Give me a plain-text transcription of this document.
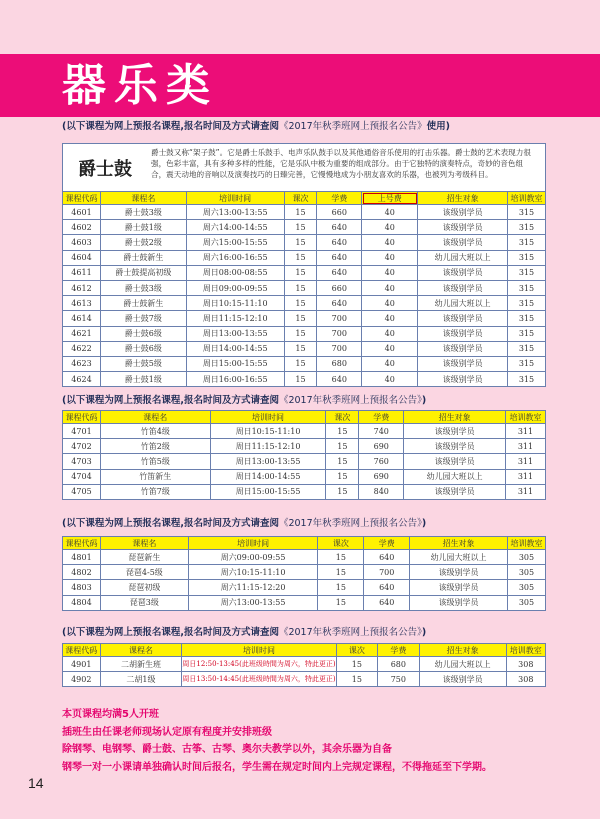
器乐类
(以下课程为网上预报名课程,报名时间及方式请查阅《2017年秋季班网上预报名公告》使用)
爵士鼓
爵士鼓又称“架子鼓”。它是爵士乐鼓手、电声乐队鼓手以及其他通俗音乐使用的打击乐器。爵士鼓的艺术表现力很强，色彩丰富，具有多种多样的性能，它是乐队中极为重要的组成部分。由于它独特的演奏特点，奇妙的音色组合，震天动地的音响以及演奏技巧的日臻完善，它慢慢地成为小朋友喜欢的乐器，也被列为考级科目。
课程代码	课程名	培训时间	课次	学费	上号费	招生对象	培训教室
4601	爵士鼓3级	周六13:00-13:55	15	660	40	该级别学员	315
4602	爵士鼓1级	周六14:00-14:55	15	640	40	该级别学员	315
4603	爵士鼓2级	周六15:00-15:55	15	640	40	该级别学员	315
4604	爵士鼓新生	周六16:00-16:55	15	640	40	幼儿园大班以上	315
4611	爵士鼓提高初级	周日08:00-08:55	15	640	40	该级别学员	315
4612	爵士鼓3级	周日09:00-09:55	15	660	40	该级别学员	315
4613	爵士鼓新生	周日10:15-11:10	15	640	40	幼儿园大班以上	315
4614	爵士鼓7级	周日11:15-12:10	15	700	40	该级别学员	315
4621	爵士鼓6级	周日13:00-13:55	15	700	40	该级别学员	315
4622	爵士鼓6级	周日14:00-14:55	15	700	40	该级别学员	315
4623	爵士鼓5级	周日15:00-15:55	15	680	40	该级别学员	315
4624	爵士鼓1级	周日16:00-16:55	15	640	40	该级别学员	315
(以下课程为网上预报名课程,报名时间及方式请查阅《2017年秋季班网上预报名公告》)
课程代码	课程名	培训时间	课次	学费	招生对象	培训教室
4701	竹笛4级	周日10:15-11:10	15	740	该级别学员	311
4702	竹笛2级	周日11:15-12:10	15	690	该级别学员	311
4703	竹笛5级	周日13:00-13:55	15	760	该级别学员	311
4704	竹笛新生	周日14:00-14:55	15	690	幼儿园大班以上	311
4705	竹笛7级	周日15:00-15:55	15	840	该级别学员	311
(以下课程为网上预报名课程,报名时间及方式请查阅《2017年秋季班网上预报名公告》)
课程代码	课程名	培训时间	课次	学费	招生对象	培训教室
4801	琵琶新生	周六09:00-09:55	15	640	幼儿园大班以上	305
4802	琵琶4-5级	周六10:15-11:10	15	700	该级别学员	305
4803	琵琶初级	周六11:15-12:20	15	640	该级别学员	305
4804	琵琶3级	周六13:00-13:55	15	640	该级别学员	305
(以下课程为网上预报名课程,报名时间及方式请查阅《2017年秋季班网上预报名公告》)
课程代码	课程名	培训时间	课次	学费	招生对象	培训教室
4901	二胡新生班	周日12:50-13:45(此班级時間为周六，特此更正)	15	680	幼儿园大班以上	308
4902	二胡1级	周日13:50-14:45(此班级時間为周六，特此更正)	15	750	该级别学员	308
本页课程均满5人开班
插班生由任课老师现场认定原有程度并安排班级
除钢琴、电钢琴、爵士鼓、古筝、古琴、奥尔夫教学以外，其余乐器为自备
钢琴一对一小课请单独确认时间后报名，学生需在规定时间内上完规定课程，不得拖延至下学期。
14
